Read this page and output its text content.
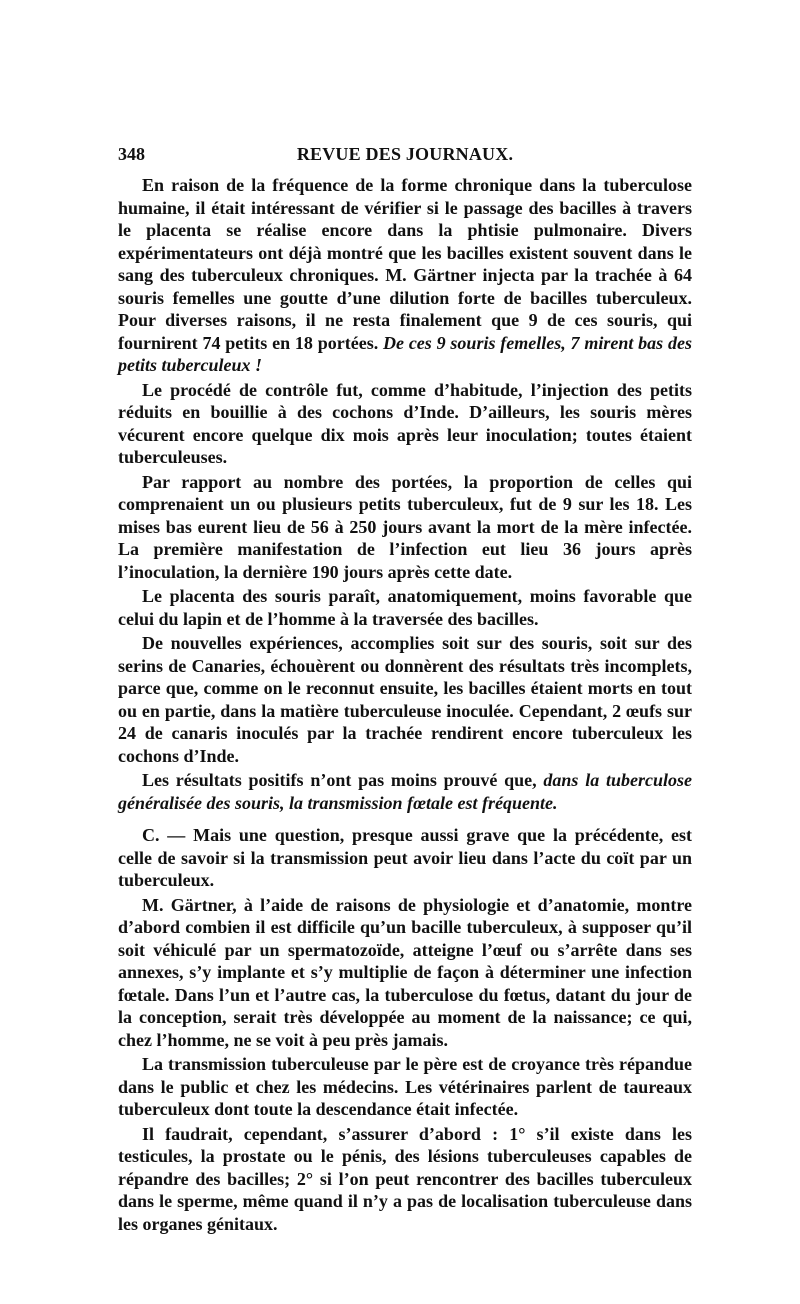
348	REVUE DES JOURNAUX.

En raison de la fréquence de la forme chronique dans la tuberculose humaine, il était intéressant de vérifier si le passage des bacilles à travers le placenta se réalise encore dans la phtisie pulmonaire. Divers expérimentateurs ont déjà montré que les bacilles existent souvent dans le sang des tuberculeux chroniques. M. Gärtner injecta par la trachée à 64 souris femelles une goutte d’une dilution forte de bacilles tuberculeux. Pour diverses raisons, il ne resta finalement que 9 de ces souris, qui fournirent 74 petits en 18 portées. De ces 9 souris femelles, 7 mirent bas des petits tuberculeux !

Le procédé de contrôle fut, comme d’habitude, l’injection des petits réduits en bouillie à des cochons d’Inde. D’ailleurs, les souris mères vécurent encore quelque dix mois après leur inoculation; toutes étaient tuberculeuses.

Par rapport au nombre des portées, la proportion de celles qui comprenaient un ou plusieurs petits tuberculeux, fut de 9 sur les 18. Les mises bas eurent lieu de 56 à 250 jours avant la mort de la mère infectée. La première manifestation de l’infection eut lieu 36 jours après l’inoculation, la dernière 190 jours après cette date.

Le placenta des souris paraît, anatomiquement, moins favorable que celui du lapin et de l’homme à la traversée des bacilles.

De nouvelles expériences, accomplies soit sur des souris, soit sur des serins de Canaries, échouèrent ou donnèrent des résultats très incomplets, parce que, comme on le reconnut ensuite, les bacilles étaient morts en tout ou en partie, dans la matière tuberculeuse inoculée. Cependant, 2 œufs sur 24 de canaris inoculés par la trachée rendirent encore tuberculeux les cochons d’Inde.

Les résultats positifs n’ont pas moins prouvé que, dans la tuberculose généralisée des souris, la transmission fœtale est fréquente.

C. — Mais une question, presque aussi grave que la précédente, est celle de savoir si la transmission peut avoir lieu dans l’acte du coït par un tuberculeux.

M. Gärtner, à l’aide de raisons de physiologie et d’anatomie, montre d’abord combien il est difficile qu’un bacille tuberculeux, à supposer qu’il soit véhiculé par un spermatozoïde, atteigne l’œuf ou s’arrête dans ses annexes, s’y implante et s’y multiplie de façon à déterminer une infection fœtale. Dans l’un et l’autre cas, la tuberculose du fœtus, datant du jour de la conception, serait très développée au moment de la naissance; ce qui, chez l’homme, ne se voit à peu près jamais.

La transmission tuberculeuse par le père est de croyance très répandue dans le public et chez les médecins. Les vétérinaires parlent de taureaux tuberculeux dont toute la descendance était infectée.

Il faudrait, cependant, s’assurer d’abord : 1° s’il existe dans les testicules, la prostate ou le pénis, des lésions tuberculeuses capables de répandre des bacilles; 2° si l’on peut rencontrer des bacilles tuberculeux dans le sperme, même quand il n’y a pas de localisation tuberculeuse dans les organes génitaux.
